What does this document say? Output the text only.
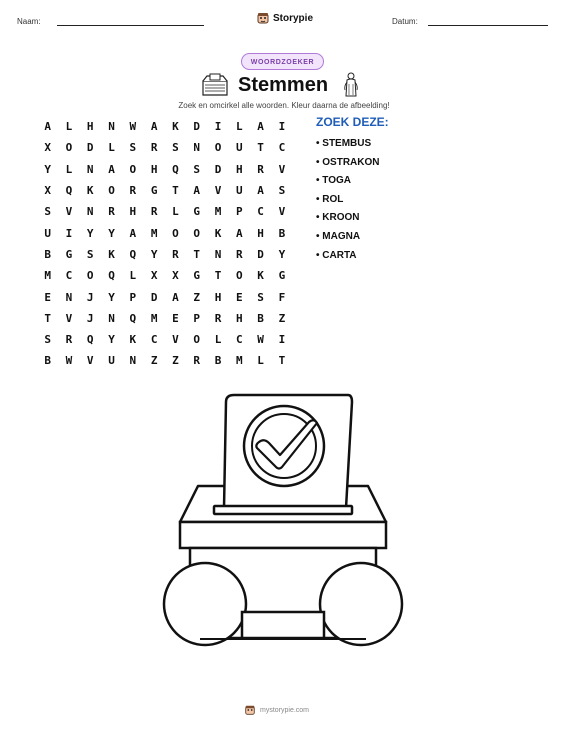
Naam:	Storypie	Datum:
WOORDZOEKER
Stemmen
Zoek en omcirkel alle woorden. Kleur daarna de afbeelding!
A	L	H	N	W	A	K	D	I	L	A	I
X	O	D	L	S	R	S	N	O	U	T	C
Y	L	N	A	O	H	Q	S	D	H	R	V
X	Q	K	O	R	G	T	A	V	U	A	S
S	V	N	R	H	R	L	G	M	P	C	V
U	I	Y	Y	A	M	O	O	K	A	H	B
B	G	S	K	Q	Y	R	T	N	R	D	Y
M	C	O	Q	L	X	X	G	T	O	K	G
E	N	J	Y	P	D	A	Z	H	E	S	F
T	V	J	N	Q	M	E	P	R	H	B	Z
S	R	Q	Y	K	C	V	O	L	C	W	I
B	W	V	U	N	Z	Z	R	B	M	L	T
ZOEK DEZE:
• STEMBUS
• OSTRAKON
• TOGA
• ROL
• KROON
• MAGNA
• CARTA
mystorypie.com
